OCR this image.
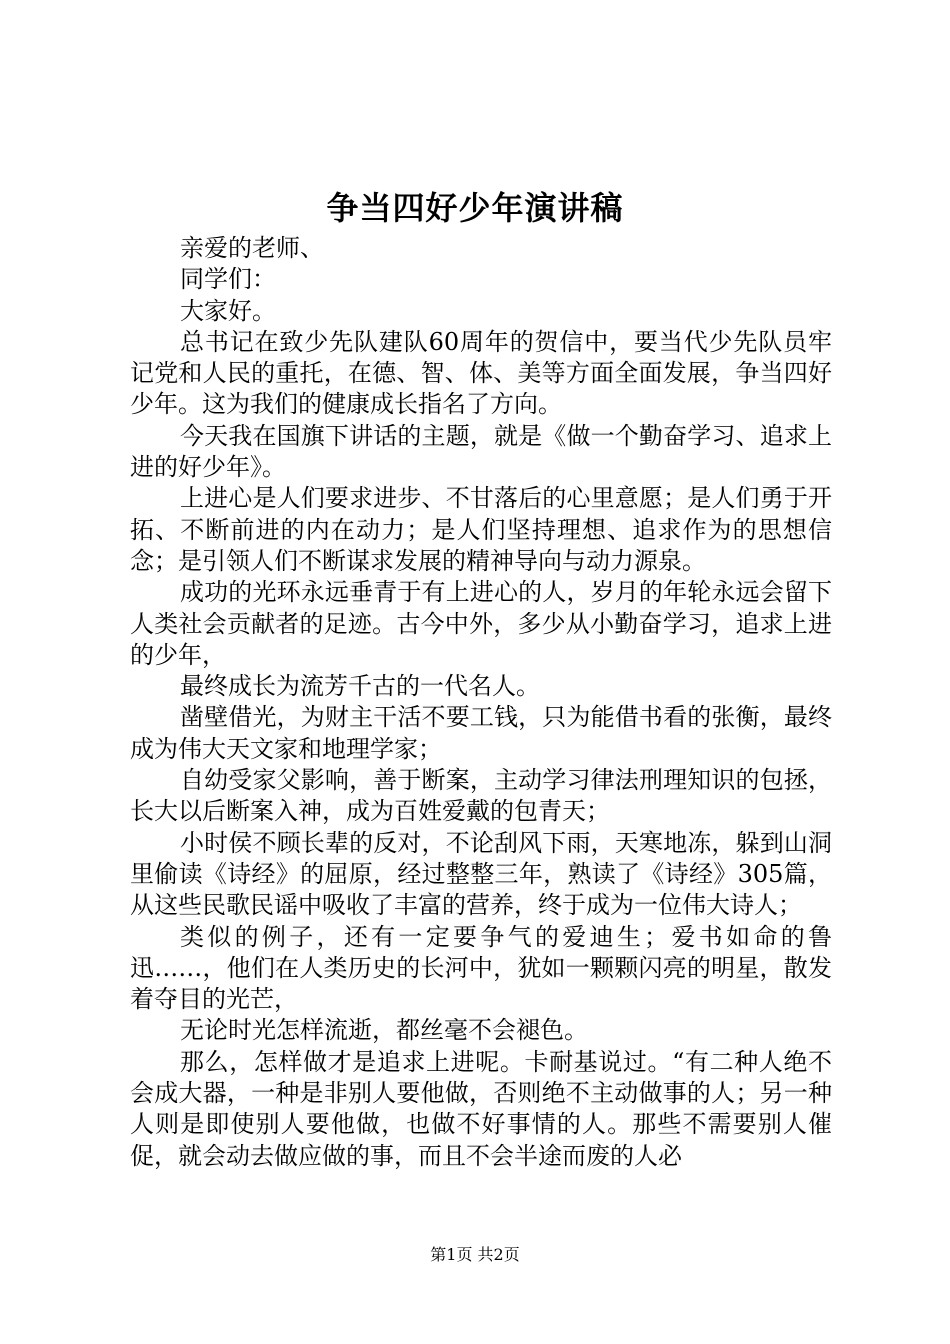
争当四好少年演讲稿

亲爱的老师、

同学们：

大家好。

总书记在致少先队建队60周年的贺信中，要当代少先队员牢记党和人民的重托，在德、智、体、美等方面全面发展，争当四好少年。这为我们的健康成长指名了方向。

今天我在国旗下讲话的主题，就是《做一个勤奋学习、追求上进的好少年》。

上进心是人们要求进步、不甘落后的心里意愿；是人们勇于开拓、不断前进的内在动力；是人们坚持理想、追求作为的思想信念；是引领人们不断谋求发展的精神导向与动力源泉。

成功的光环永远垂青于有上进心的人，岁月的年轮永远会留下人类社会贡献者的足迹。古今中外，多少从小勤奋学习，追求上进的少年，

最终成长为流芳千古的一代名人。

凿壁借光，为财主干活不要工钱，只为能借书看的张衡，最终成为伟大天文家和地理学家；

自幼受家父影响，善于断案，主动学习律法刑理知识的包拯，长大以后断案入神，成为百姓爱戴的包青天；

小时侯不顾长辈的反对，不论刮风下雨，天寒地冻，躲到山洞里偷读《诗经》的屈原，经过整整三年，熟读了《诗经》305篇，从这些民歌民谣中吸收了丰富的营养，终于成为一位伟大诗人；

类似的例子，还有一定要争气的爱迪生；爱书如命的鲁迅……，他们在人类历史的长河中，犹如一颗颗闪亮的明星，散发着夺目的光芒，

无论时光怎样流逝，都丝毫不会褪色。

那么，怎样做才是追求上进呢。卡耐基说过。“有二种人绝不会成大器，一种是非别人要他做，否则绝不主动做事的人；另一种人则是即使别人要他做，也做不好事情的人。那些不需要别人催促，就会动去做应做的事，而且不会半途而废的人必

第1页 共2页
